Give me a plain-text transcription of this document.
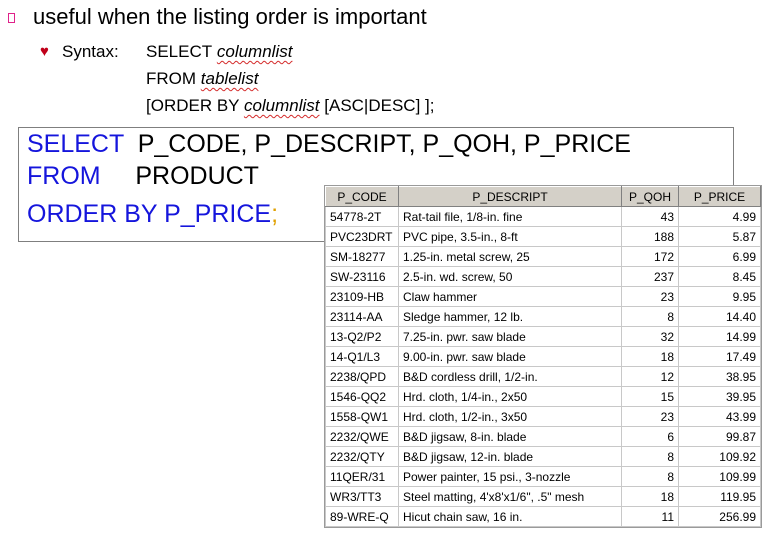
useful when the listing order is important
♥ Syntax:	SELECT
columnlist
FROM
tablelist
[ORDER BY columnlist [ASC|DESC] ];
SELECT P_CODE, P_DESCRIPT, P_QOH, P_PRICE
FROM PRODUCT
ORDER BY P_PRICE;
P_CODE	P_DESCRIPT	P_QOH	P_PRICE
54778-2T	Rat-tail file, 1/8-in. fine	43	4.99
PVC23DRT	PVC pipe, 3.5-in., 8-ft	188	5.87
SM-18277	1.25-in. metal screw, 25	172	6.99
SW-23116	2.5-in. wd. screw, 50	237	8.45
23109-HB	Claw hammer	23	9.95
23114-AA	Sledge hammer, 12 lb.	8	14.40
13-Q2/P2	7.25-in. pwr. saw blade	32	14.99
14-Q1/L3	9.00-in. pwr. saw blade	18	17.49
2238/QPD	B&D cordless drill, 1/2-in.	12	38.95
1546-QQ2	Hrd. cloth, 1/4-in., 2x50	15	39.95
1558-QW1	Hrd. cloth, 1/2-in., 3x50	23	43.99
2232/QWE	B&D jigsaw, 8-in. blade	6	99.87
2232/QTY	B&D jigsaw, 12-in. blade	8	109.92
11QER/31	Power painter, 15 psi., 3-nozzle	8	109.99
WR3/TT3	Steel matting, 4'x8'x1/6", .5" mesh	18	119.95
89-WRE-Q	Hicut chain saw, 16 in.	11	256.99
